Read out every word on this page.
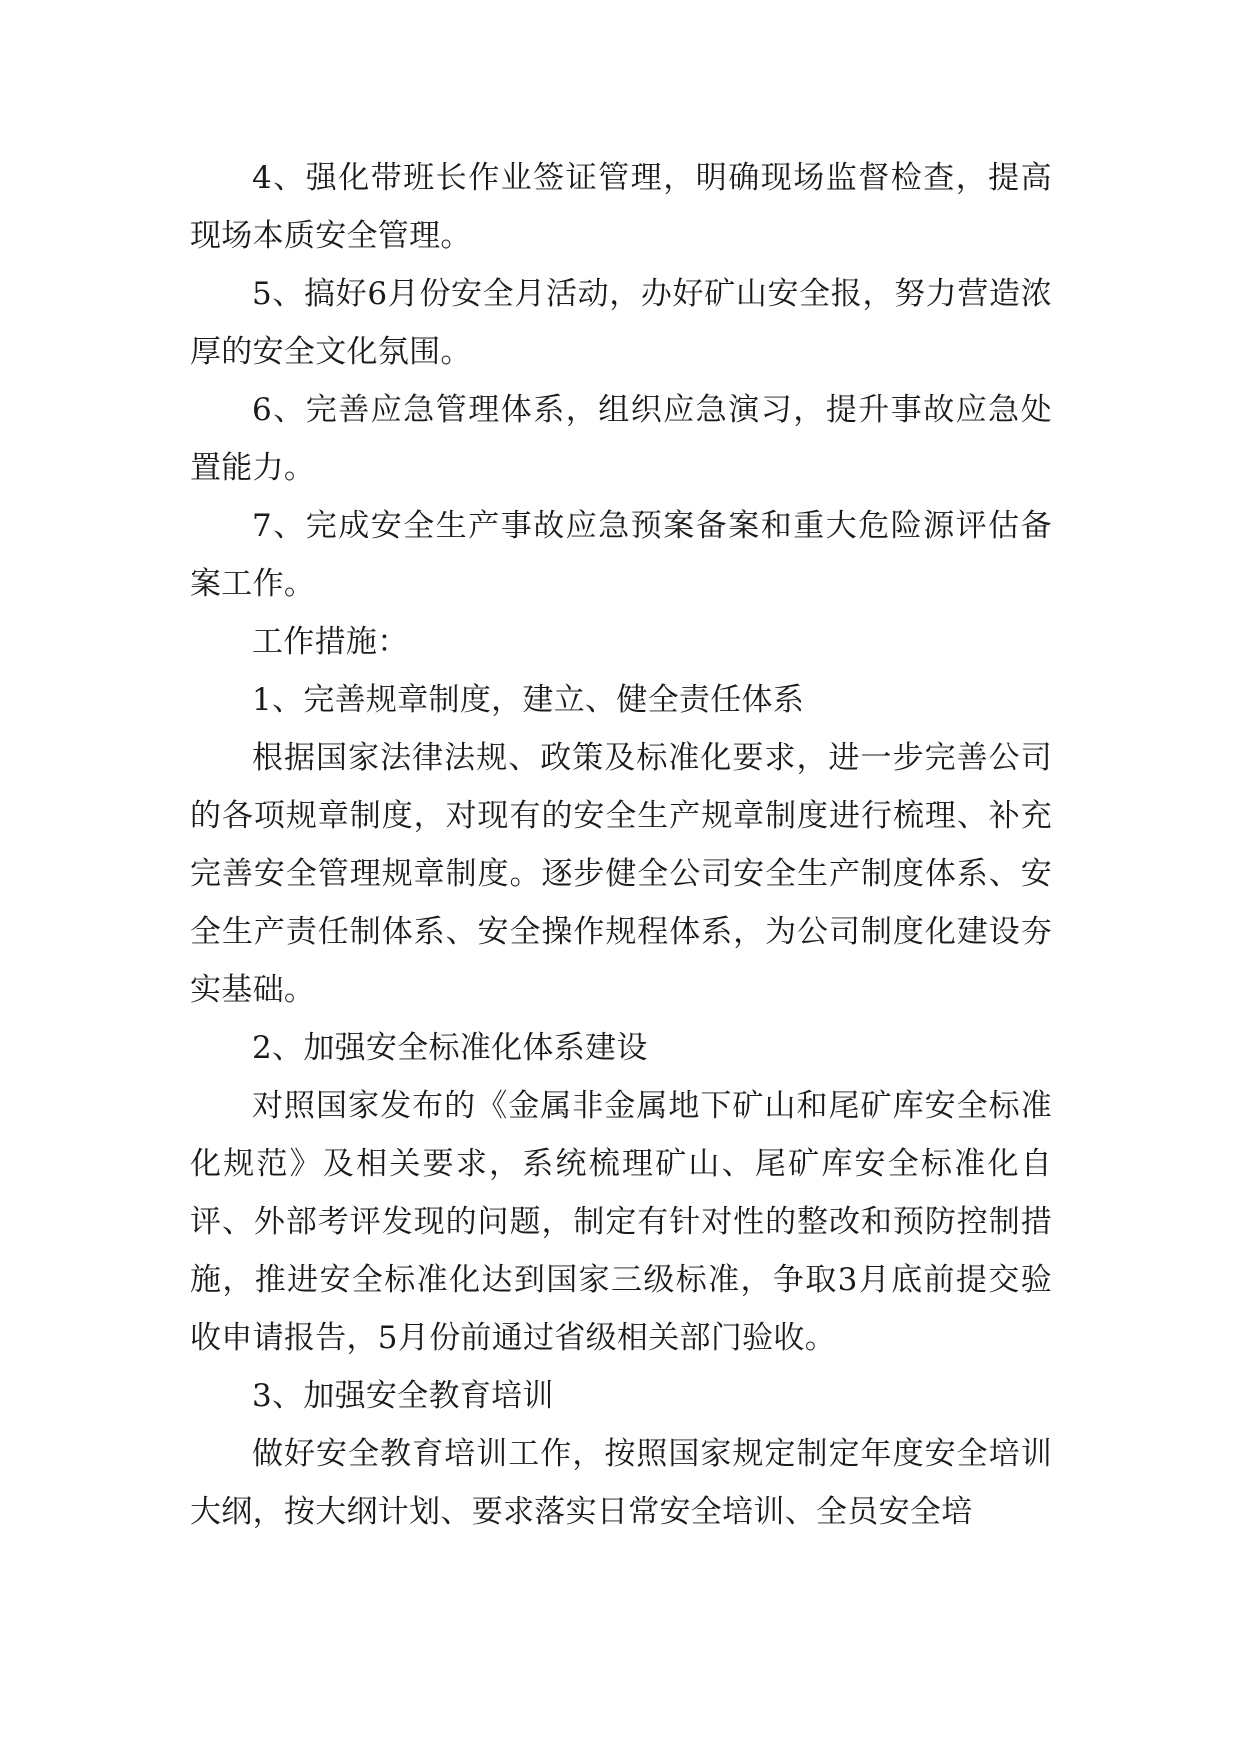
4、强化带班长作业签证管理，明确现场监督检查，提高现场本质安全管理。

5、搞好6月份安全月活动，办好矿山安全报，努力营造浓厚的安全文化氛围。

6、完善应急管理体系，组织应急演习，提升事故应急处置能力。

7、完成安全生产事故应急预案备案和重大危险源评估备案工作。

工作措施：

1、完善规章制度，建立、健全责任体系

根据国家法律法规、政策及标准化要求，进一步完善公司的各项规章制度，对现有的安全生产规章制度进行梳理、补充完善安全管理规章制度。逐步健全公司安全生产制度体系、安全生产责任制体系、安全操作规程体系，为公司制度化建设夯实基础。

2、加强安全标准化体系建设

对照国家发布的《金属非金属地下矿山和尾矿库安全标准化规范》及相关要求，系统梳理矿山、尾矿库安全标准化自评、外部考评发现的问题，制定有针对性的整改和预防控制措施，推进安全标准化达到国家三级标准，争取3月底前提交验收申请报告，5月份前通过省级相关部门验收。

3、加强安全教育培训

做好安全教育培训工作，按照国家规定制定年度安全培训大纲，按大纲计划、要求落实日常安全培训、全员安全培
